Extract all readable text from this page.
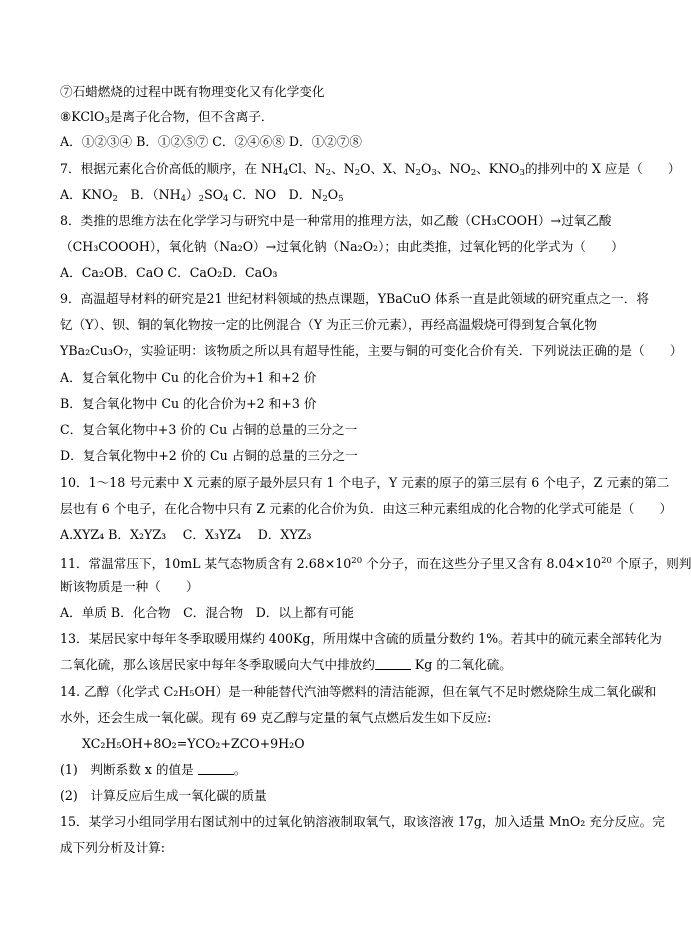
⑦石蜡燃烧的过程中既有物理变化又有化学变化
⑧KClO$_3$是离子化合物，但不含离子．
A．①②③④ B．①②⑤⑦ C．②④⑥⑧ D．①②⑦⑧
7．根据元素化合价高低的顺序，在 $NH_4Cl$、$N_2$、$N_2O$、X、$N_2O_3$、$NO_2$、$KNO_3$的排列中的 X 应是（　　）
A．$KNO_2$　B．$(NH_4)_2SO_4$ C．NO　D．$N_2O_5$
8．类推的思维方法在化学学习与研究中是一种常用的推理方法，如乙酸（CH₃COOH）→过氧乙酸
（CH₃COOOH），氧化钠（Na₂O）→过氧化钠（Na₂O₂）；由此类推，过氧化钙的化学式为（　　）
A．Ca₂OB．CaO C．CaO₂D．CaO₃
9．高温超导材料的研究是21 世纪材料领域的热点课题，YBaCuO 体系一直是此领域的研究重点之一．将
钇（Y）、钡、铜的氧化物按一定的比例混合（Y 为正三价元素），再经高温煅烧可得到复合氧化物
YBa₂Cu₃O₇，实验证明：该物质之所以具有超导性能，主要与铜的可变化合价有关．下列说法正确的是（　　）
A．复合氧化物中 Cu 的化合价为+1 和+2 价
B．复合氧化物中 Cu 的化合价为+2 和+3 价
C．复合氧化物中+3 价的 Cu 占铜的总量的三分之一
D．复合氧化物中+2 价的 Cu 占铜的总量的三分之一
10．1～18 号元素中 X 元素的原子最外层只有 1 个电子，Y 元素的原子的第三层有 6 个电子，Z 元素的第二
层也有 6 个电子，在化合物中只有 Z 元素的化合价为负．由这三种元素组成的化合物的化学式可能是（　　）
A.XYZ₄ B．X₂YZ₃　 C．X₃YZ₄　 D．XYZ₃
11．常温常压下，10mL 某气态物质含有 $2.68\times 10^{20}$ 个分子，而在这些分子里又含有 $8.04\times 10^{20}$ 个原子，则判
断该物质是一种（　　）
A．单质 B．化合物　C．混合物　D．以上都有可能
13．某居民家中每年冬季取暖用煤约 400Kg，所用煤中含硫的质量分数约 1%。若其中的硫元素全部转化为
二氧化硫，那么该居民家中每年冬季取暖向大气中排放约	Kg 的二氧化硫。
14. 乙醇（化学式 C₂H₅OH）是一种能替代汽油等燃料的清洁能源，但在氧气不足时燃烧除生成二氧化碳和
水外，还会生成一氧化碳。现有 69 克乙醇与定量的氧气点燃后发生如下反应:
XC₂H₅OH+8O₂=YCO₂+ZCO+9H₂O
(1)　判断系数 x 的值是	。
(2)　计算反应后生成一氧化碳的质量
15．某学习小组同学用右图试剂中的过氧化钠溶液制取氧气，取该溶液 17g，加入适量 MnO₂ 充分反应。完
成下列分析及计算:
